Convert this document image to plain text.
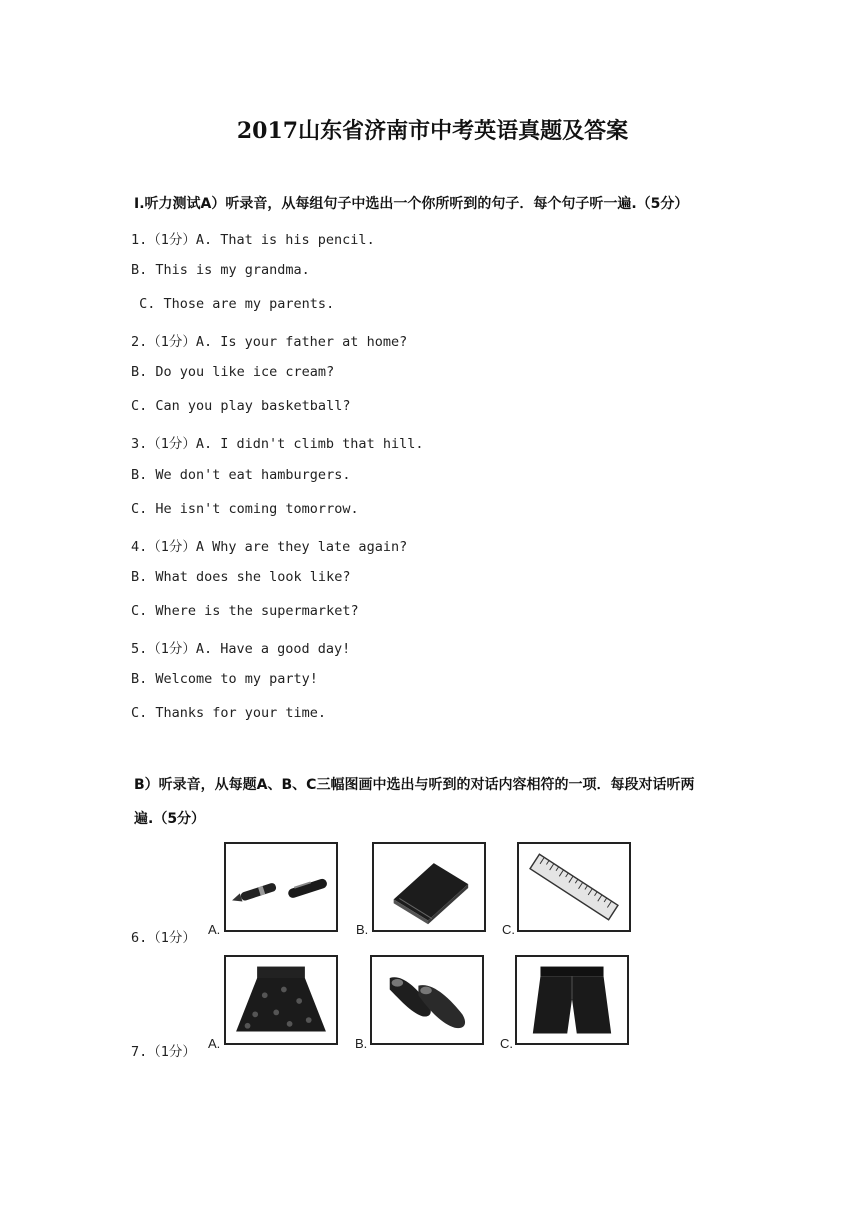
2017山东省济南市中考英语真题及答案
Ⅰ.听力测试A）听录音，从每组句子中选出一个你所听到的句子．每个句子听一遍.（5分）
1.（1分）A. That is his pencil.
B. This is my grandma.
C. Those are my parents.
2.（1分）A. Is your father at home?
B. Do you like ice cream?
C. Can you play basketball?
3.（1分）A. I didn't climb that hill.
B. We don't eat hamburgers.
C. He isn't coming tomorrow.
4.（1分）A Why are they late again?
B. What does she look like?
C. Where is the supermarket?
5.（1分）A. Have a good day!
B. Welcome to my party!
C. Thanks for your time.
B）听录音，从每题A、B、C三幅图画中选出与听到的对话内容相符的一项．每段对话听两
遍.（5分）
6.（1分）
A.	B.	C.
7.（1分）
A.	B.	C.
